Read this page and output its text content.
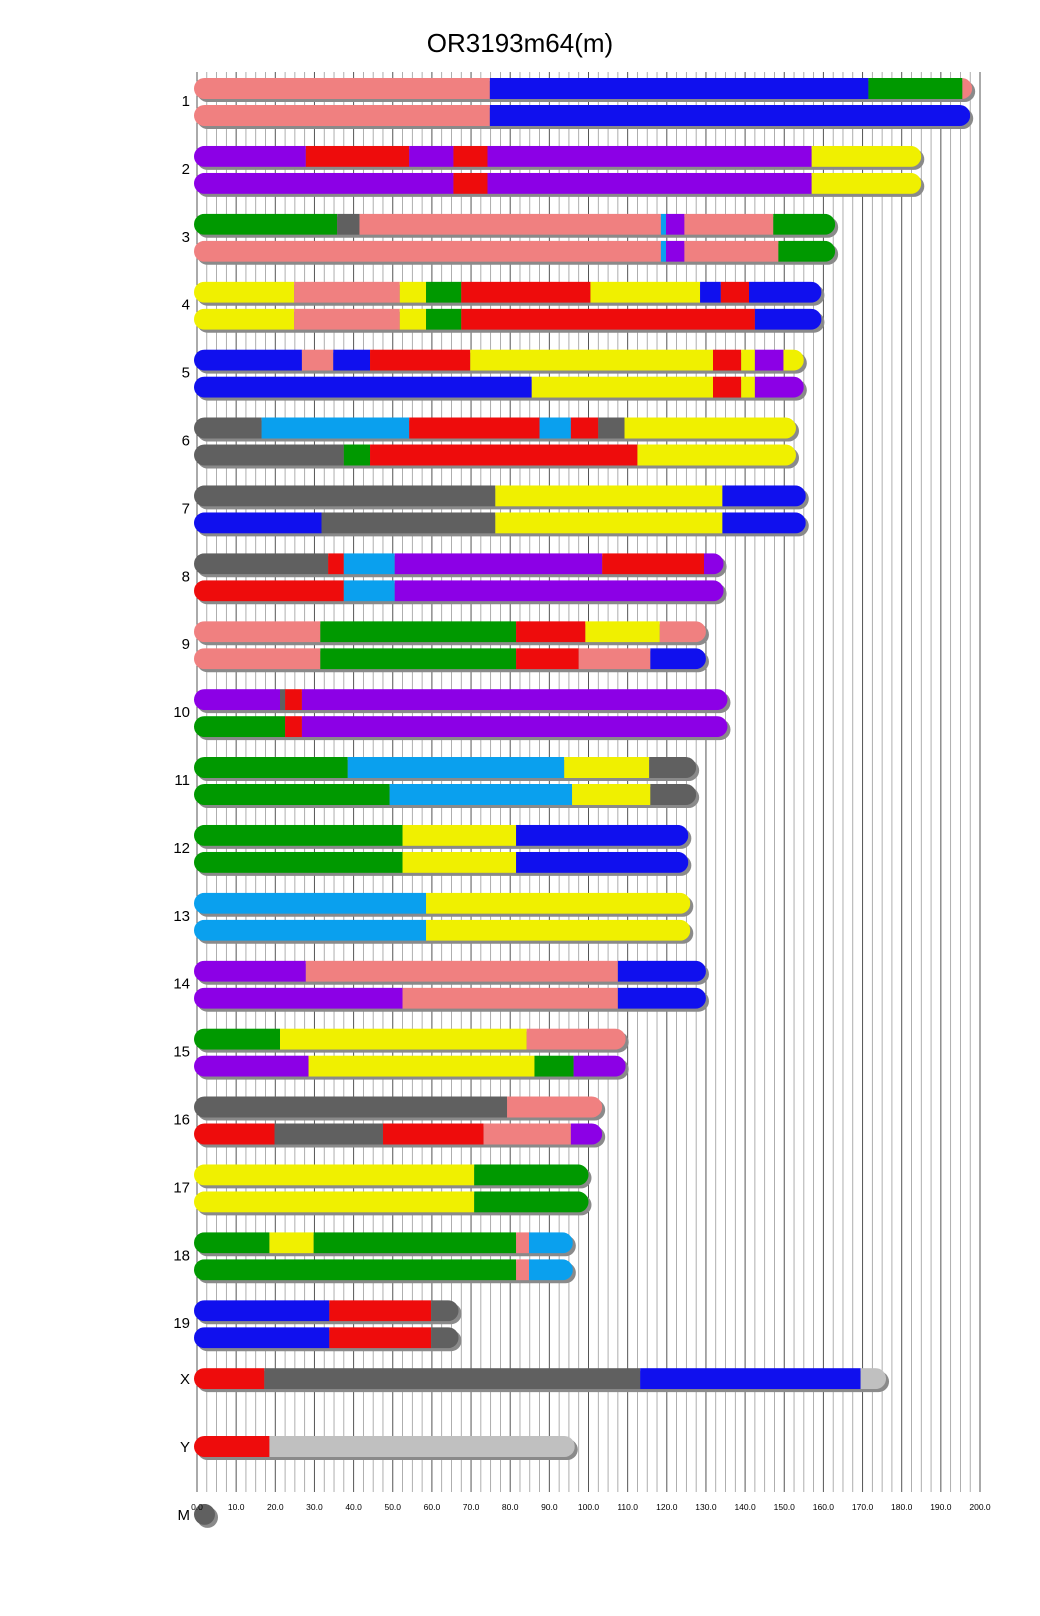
OR3193m64(m)
1
2
3
4
5
6
7
8
9
10
11
12
13
14
15
16
17
18
19
X
Y
M 0.0	10.0	20.0	30.0	40.0	50.0	60.0	70.0	80.0	90.0 100.0 110.0 120.0 130.0 140.0 150.0 160.0 170.0 180.0 190.0 200.0
